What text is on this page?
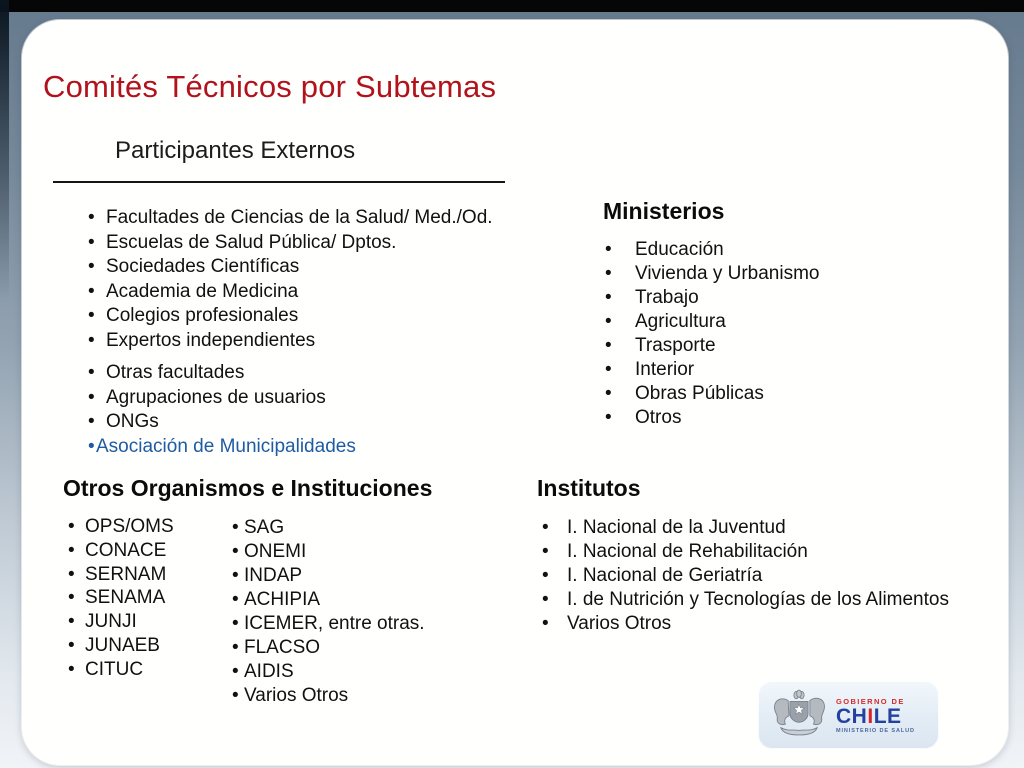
Comités Técnicos por Subtemas
Participantes Externos
•
Facultades de Ciencias de la Salud/ Med./Od.
•
Escuelas de Salud Pública/ Dptos.
•
Sociedades Científicas
•
Academia de Medicina
•
Colegios profesionales
•
Expertos independientes
•
Otras facultades
•
Agrupaciones de usuarios
•
ONGs
•
Asociación de Municipalidades
Ministerios
•
Educación
•
Vivienda y Urbanismo
•
Trabajo
•
Agricultura
•
Trasporte
•
Interior
•
Obras Públicas
•
Otros
Otros Organismos e Instituciones
•
OPS/OMS
•
CONACE
•
SERNAM
•
SENAMA
•
JUNJI
•
JUNAEB
•
CITUC
•
SAG
•
ONEMI
•
INDAP
•
ACHIPIA
•
ICEMER, entre otras.
•
FLACSO
•
AIDIS
•
Varios Otros
Institutos
•
I. Nacional de la Juventud
•
I. Nacional de Rehabilitación
•
I. Nacional de Geriatría
•
I. de Nutrición y Tecnologías de los Alimentos
•
Varios Otros
GOBIERNO DE
CHILE
MINISTERIO DE SALUD
